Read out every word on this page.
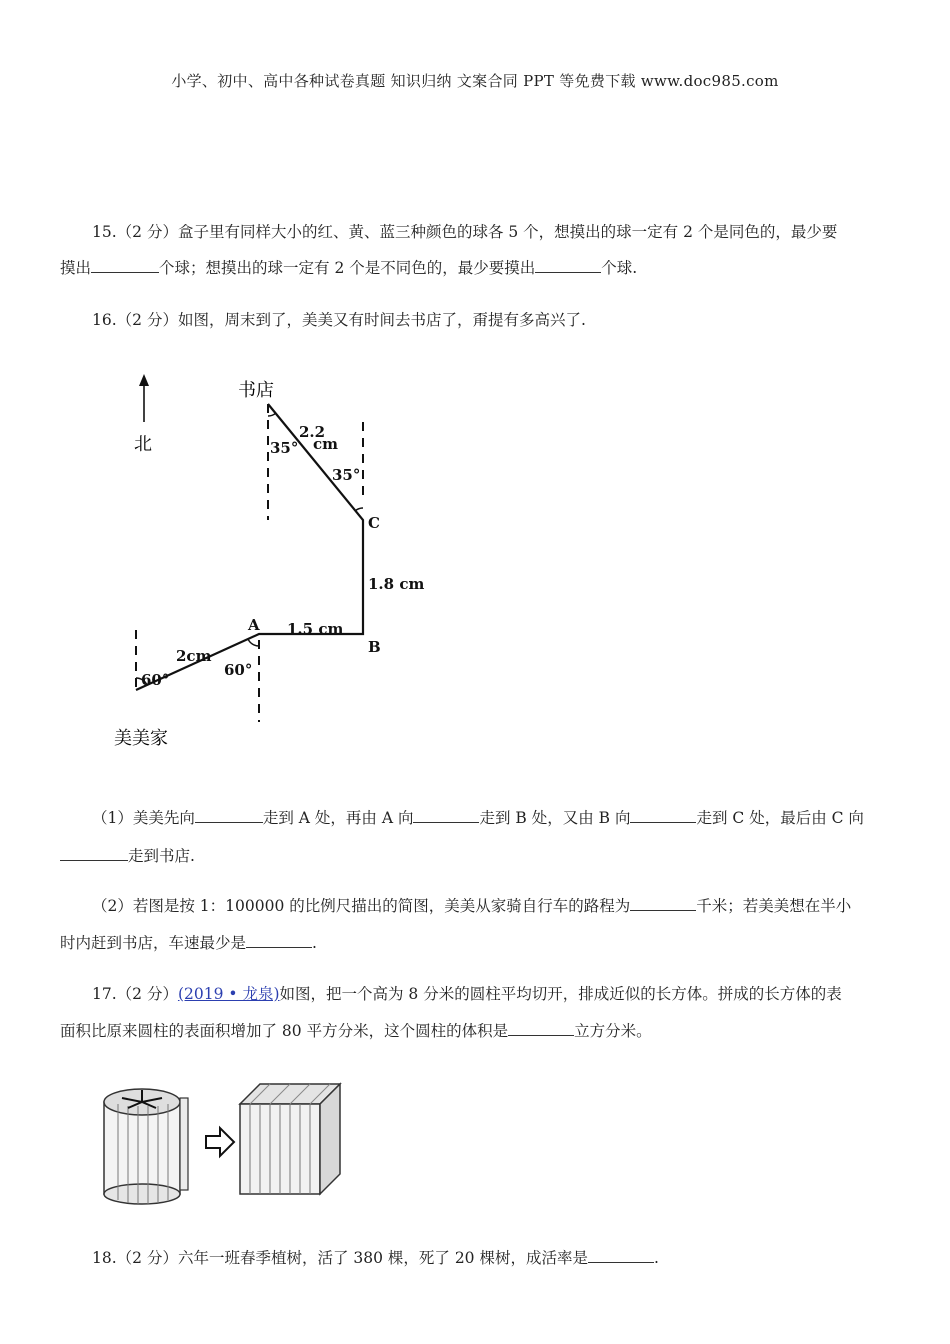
小学、初中、高中各种试卷真题 知识归纳 文案合同 PPT 等免费下载 www.doc985.com
15.（2 分）盒子里有同样大小的红、黄、蓝三种颜色的球各 5 个，想摸出的球一定有 2 个是同色的，最少要
摸出	个球；想摸出的球一定有 2 个是不同色的，最少要摸出	个球.
16.（2 分）如图，周末到了，美美又有时间去书店了，甭提有多高兴了.
北
书店
35°
2.2
cm
35°
C
1.8 cm
1.5 cm
A
B
2cm
60°
60°
美美家
（1）美美先向	走到 A 处，再由 A 向	走到 B 处，又由 B 向	走到 C 处，最后由 C 向
走到书店.
（2）若图是按 1：100000 的比例尺描出的简图，美美从家骑自行车的路程为	千米；若美美想在半小
时内赶到书店，车速最少是	.
17.（2 分）(2019 • 龙泉)如图，把一个高为 8 分米的圆柱平均切开，排成近似的长方体。拼成的长方体的表
面积比原来圆柱的表面积增加了 80 平方分米，这个圆柱的体积是	立方分米。
18.（2 分）六年一班春季植树，活了 380 棵，死了 20 棵树，成活率是	.
